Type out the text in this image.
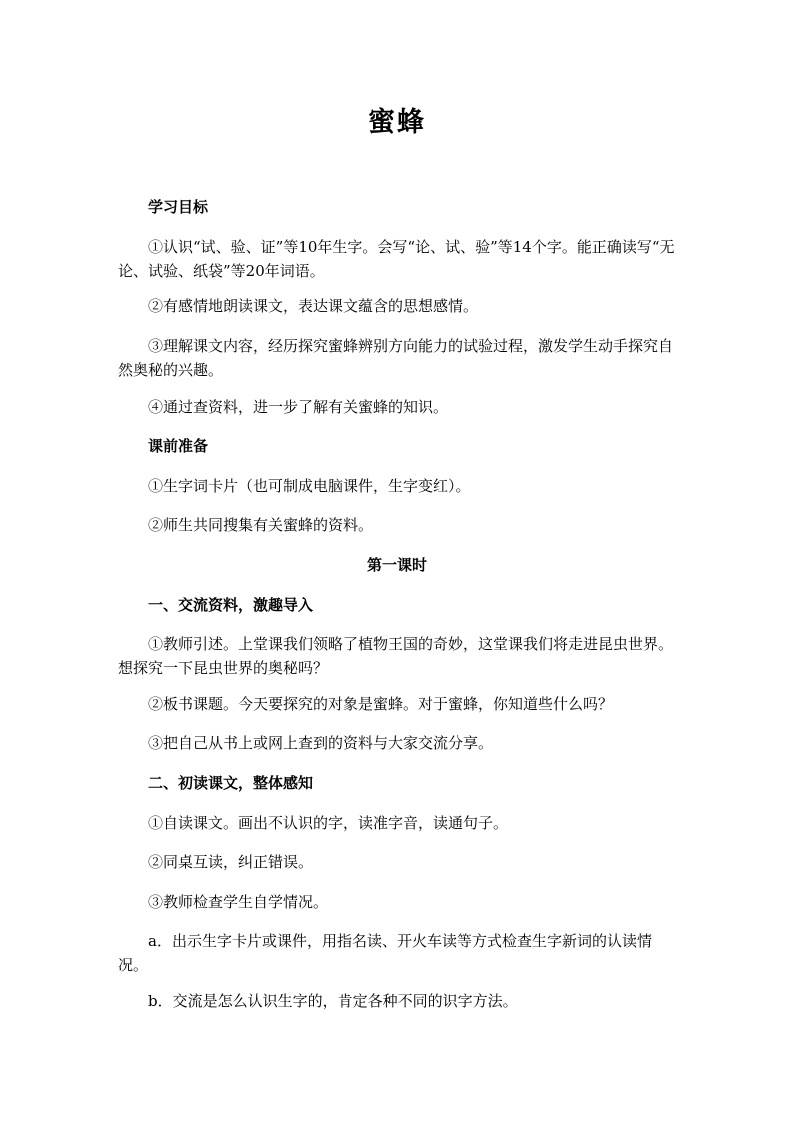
蜜蜂
学习目标
①认识“试、验、证”等10年生字。会写“论、试、验”等14个字。能正确读写“无论、试验、纸袋”等20年词语。
②有感情地朗读课文，表达课文蕴含的思想感情。
③理解课文内容，经历探究蜜蜂辨别方向能力的试验过程，激发学生动手探究自然奥秘的兴趣。
④通过查资料，进一步了解有关蜜蜂的知识。
课前准备
①生字词卡片（也可制成电脑课件，生字变红）。
②师生共同搜集有关蜜蜂的资料。
第一课时
一、交流资料，激趣导入
①教师引述。上堂课我们领略了植物王国的奇妙，这堂课我们将走进昆虫世界。想探究一下昆虫世界的奥秘吗？
②板书课题。今天要探究的对象是蜜蜂。对于蜜蜂，你知道些什么吗？
③把自己从书上或网上查到的资料与大家交流分享。
二、初读课文，整体感知
①自读课文。画出不认识的字，读准字音，读通句子。
②同桌互读，纠正错误。
③教师检查学生自学情况。
a．出示生字卡片或课件，用指名读、开火车读等方式检查生字新词的认读情况。
b．交流是怎么认识生字的，肯定各种不同的识字方法。
